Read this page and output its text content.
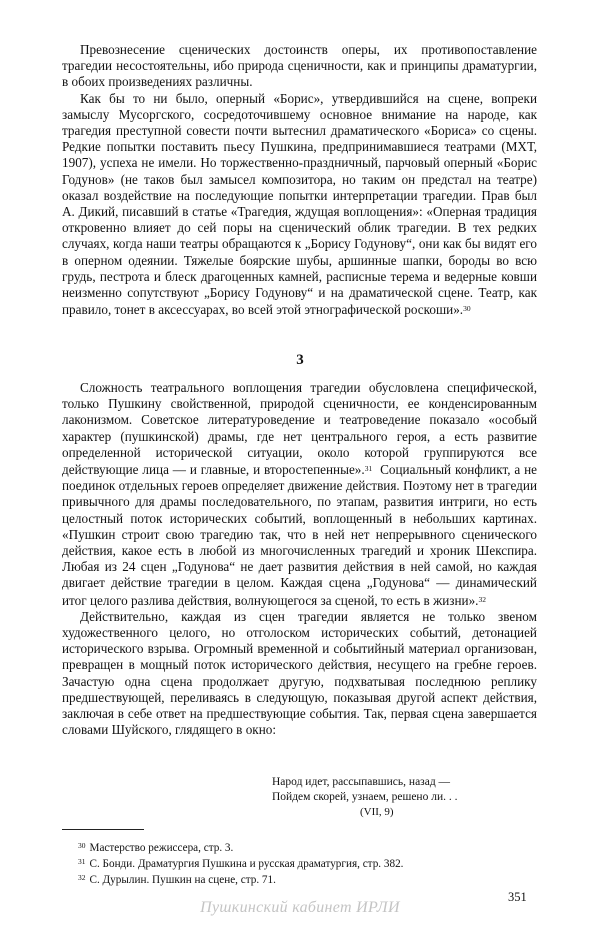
Превознесение сценических достоинств оперы, их противопоставление трагедии несостоятельны, ибо природа сценичности, как и принципы драматургии, в обоих произведениях различны.

Как бы то ни было, оперный «Борис», утвердившийся на сцене, вопреки замыслу Мусоргского, сосредоточившему основное внимание на народе, как трагедия преступной совести почти вытеснил драматического «Бориса» со сцены. Редкие попытки поставить пьесу Пушкина, предпринимавшиеся театрами (МХТ, 1907), успеха не имели. Но торжественно-праздничный, парчовый оперный «Борис Годунов» (не таков был замысел композитора, но таким он предстал на театре) оказал воздействие на последующие попытки интерпретации трагедии. Прав был А. Дикий, писавший в статье «Трагедия, ждущая воплощения»: «Оперная традиция откровенно влияет до сей поры на сценический облик трагедии. В тех редких случаях, когда наши театры обращаются к „Борису Годунову“, они как бы видят его в оперном одеянии. Тяжелые боярские шубы, аршинные шапки, бороды во всю грудь, пестрота и блеск драгоценных камней, расписные терема и ведерные ковши неизменно сопутствуют „Борису Годунову“ и на драматической сцене. Театр, как правило, тонет в аксессуарах, во всей этой этнографической роскоши».$^{30}$

3

Сложность театрального воплощения трагедии обусловлена специфической, только Пушкину свойственной, природой сценичности, ее конденсированным лаконизмом. Советское литературоведение и театроведение показало «особый характер (пушкинской) драмы, где нет центрального героя, а есть развитие определенной исторической ситуации, около которой группируются все действующие лица — и главные, и второстепенные».$^{31}$ Социальный конфликт, а не поединок отдельных героев определяет движение действия. Поэтому нет в трагедии привычного для драмы последовательного, по этапам, развития интриги, но есть целостный поток исторических событий, воплощенный в небольших картинах. «Пушкин строит свою трагедию так, что в ней нет непрерывного сценического действия, какое есть в любой из многочисленных трагедий и хроник Шекспира. Любая из 24 сцен „Годунова“ не дает развития действия в ней самой, но каждая двигает действие трагедии в целом. Каждая сцена „Годунова“ — динамический итог целого разлива действия, волнующегося за сценой, то есть в жизни».$^{32}$

Действительно, каждая из сцен трагедии является не только звеном художественного целого, но отголоском исторических событий, детонацией исторического взрыва. Огромный временной и событийный материал организован, превращен в мощный поток исторического действия, несущего на гребне героев. Зачастую одна сцена продолжает другую, подхватывая последнюю реплику предшествующей, переливаясь в следующую, показывая другой аспект действия, заключая в себе ответ на предшествующие события. Так, первая сцена завершается словами Шуйского, глядящего в окно:

Народ идет, рассыпавшись, назад —
Пойдем скорей, узнаем, решено ли. . .
(VII, 9)
$^{30}$ Мастерство режиссера, стр. 3.
$^{31}$ С. Бонди. Драматургия Пушкина и русская драматургия, стр. 382.
$^{32}$ С. Дурылин. Пушкин на сцене, стр. 71.
351
Пушкинский кабинет ИРЛИ
